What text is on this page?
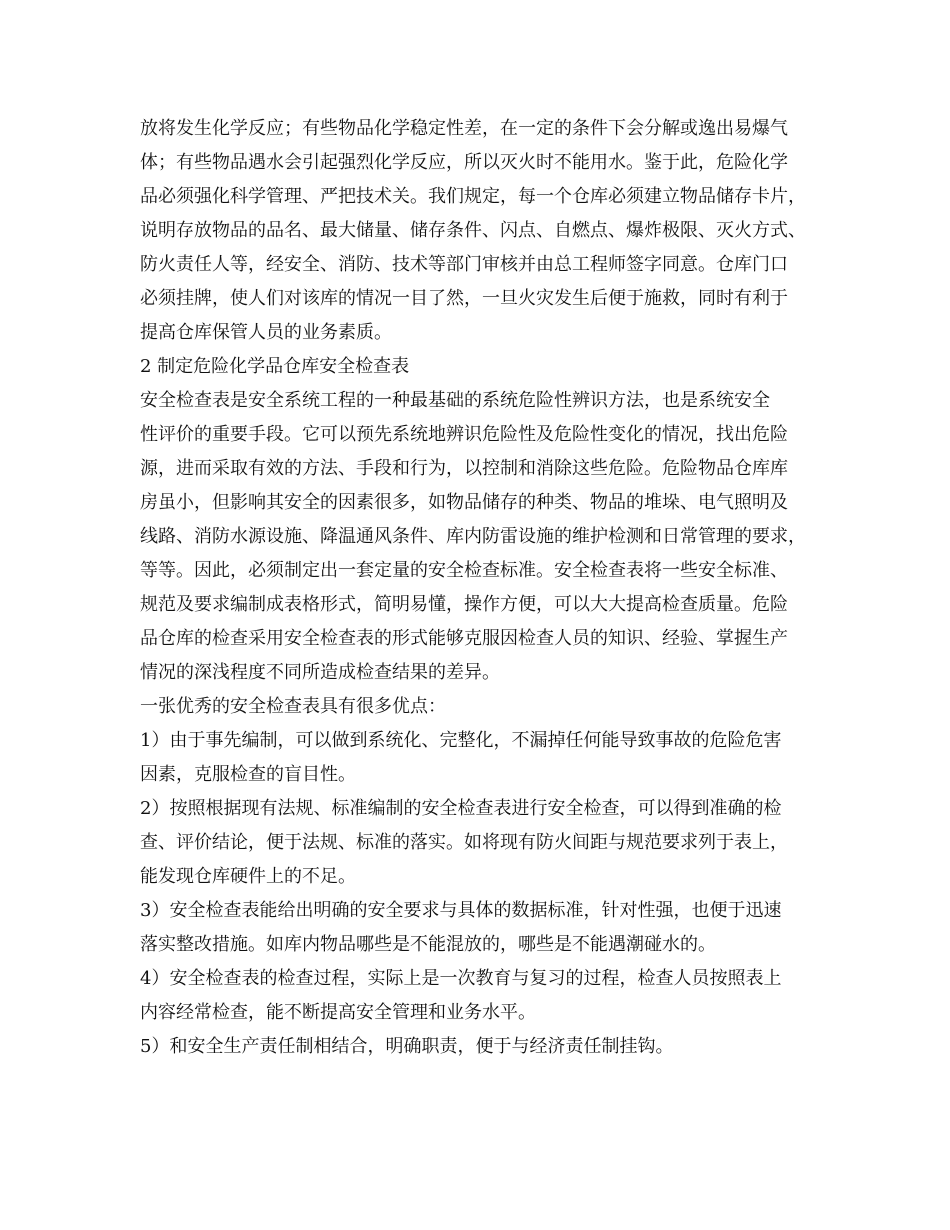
放将发生化学反应；有些物品化学稳定性差，在一定的条件下会分解或逸出易爆气
体；有些物品遇水会引起强烈化学反应，所以灭火时不能用水。鉴于此，危险化学
品必须强化科学管理、严把技术关。我们规定，每一个仓库必须建立物品储存卡片，
说明存放物品的品名、最大储量、储存条件、闪点、自燃点、爆炸极限、灭火方式、
防火责任人等，经安全、消防、技术等部门审核并由总工程师签字同意。仓库门口
必须挂牌，使人们对该库的情况一目了然，一旦火灾发生后便于施救，同时有利于
提高仓库保管人员的业务素质。
2 制定危险化学品仓库安全检查表
安全检查表是安全系统工程的一种最基础的系统危险性辨识方法，也是系统安全
性评价的重要手段。它可以预先系统地辨识危险性及危险性变化的情况，找出危险
源，进而采取有效的方法、手段和行为，以控制和消除这些危险。危险物品仓库库
房虽小，但影响其安全的因素很多，如物品储存的种类、物品的堆垛、电气照明及
线路、消防水源设施、降温通风条件、库内防雷设施的维护检测和日常管理的要求，
等等。因此，必须制定出一套定量的安全检查标准。安全检查表将一些安全标准、
规范及要求编制成表格形式，简明易懂，操作方便，可以大大提高检查质量。危险
品仓库的检查采用安全检查表的形式能够克服因检查人员的知识、经验、掌握生产
情况的深浅程度不同所造成检查结果的差异。
一张优秀的安全检查表具有很多优点：
1）由于事先编制，可以做到系统化、完整化，不漏掉任何能导致事故的危险危害
因素，克服检查的盲目性。
2）按照根据现有法规、标准编制的安全检查表进行安全检查，可以得到准确的检
查、评价结论，便于法规、标准的落实。如将现有防火间距与规范要求列于表上，
能发现仓库硬件上的不足。
3）安全检查表能给出明确的安全要求与具体的数据标准，针对性强，也便于迅速
落实整改措施。如库内物品哪些是不能混放的，哪些是不能遇潮碰水的。
4）安全检查表的检查过程，实际上是一次教育与复习的过程，检查人员按照表上
内容经常检查，能不断提高安全管理和业务水平。
5）和安全生产责任制相结合，明确职责，便于与经济责任制挂钩。
